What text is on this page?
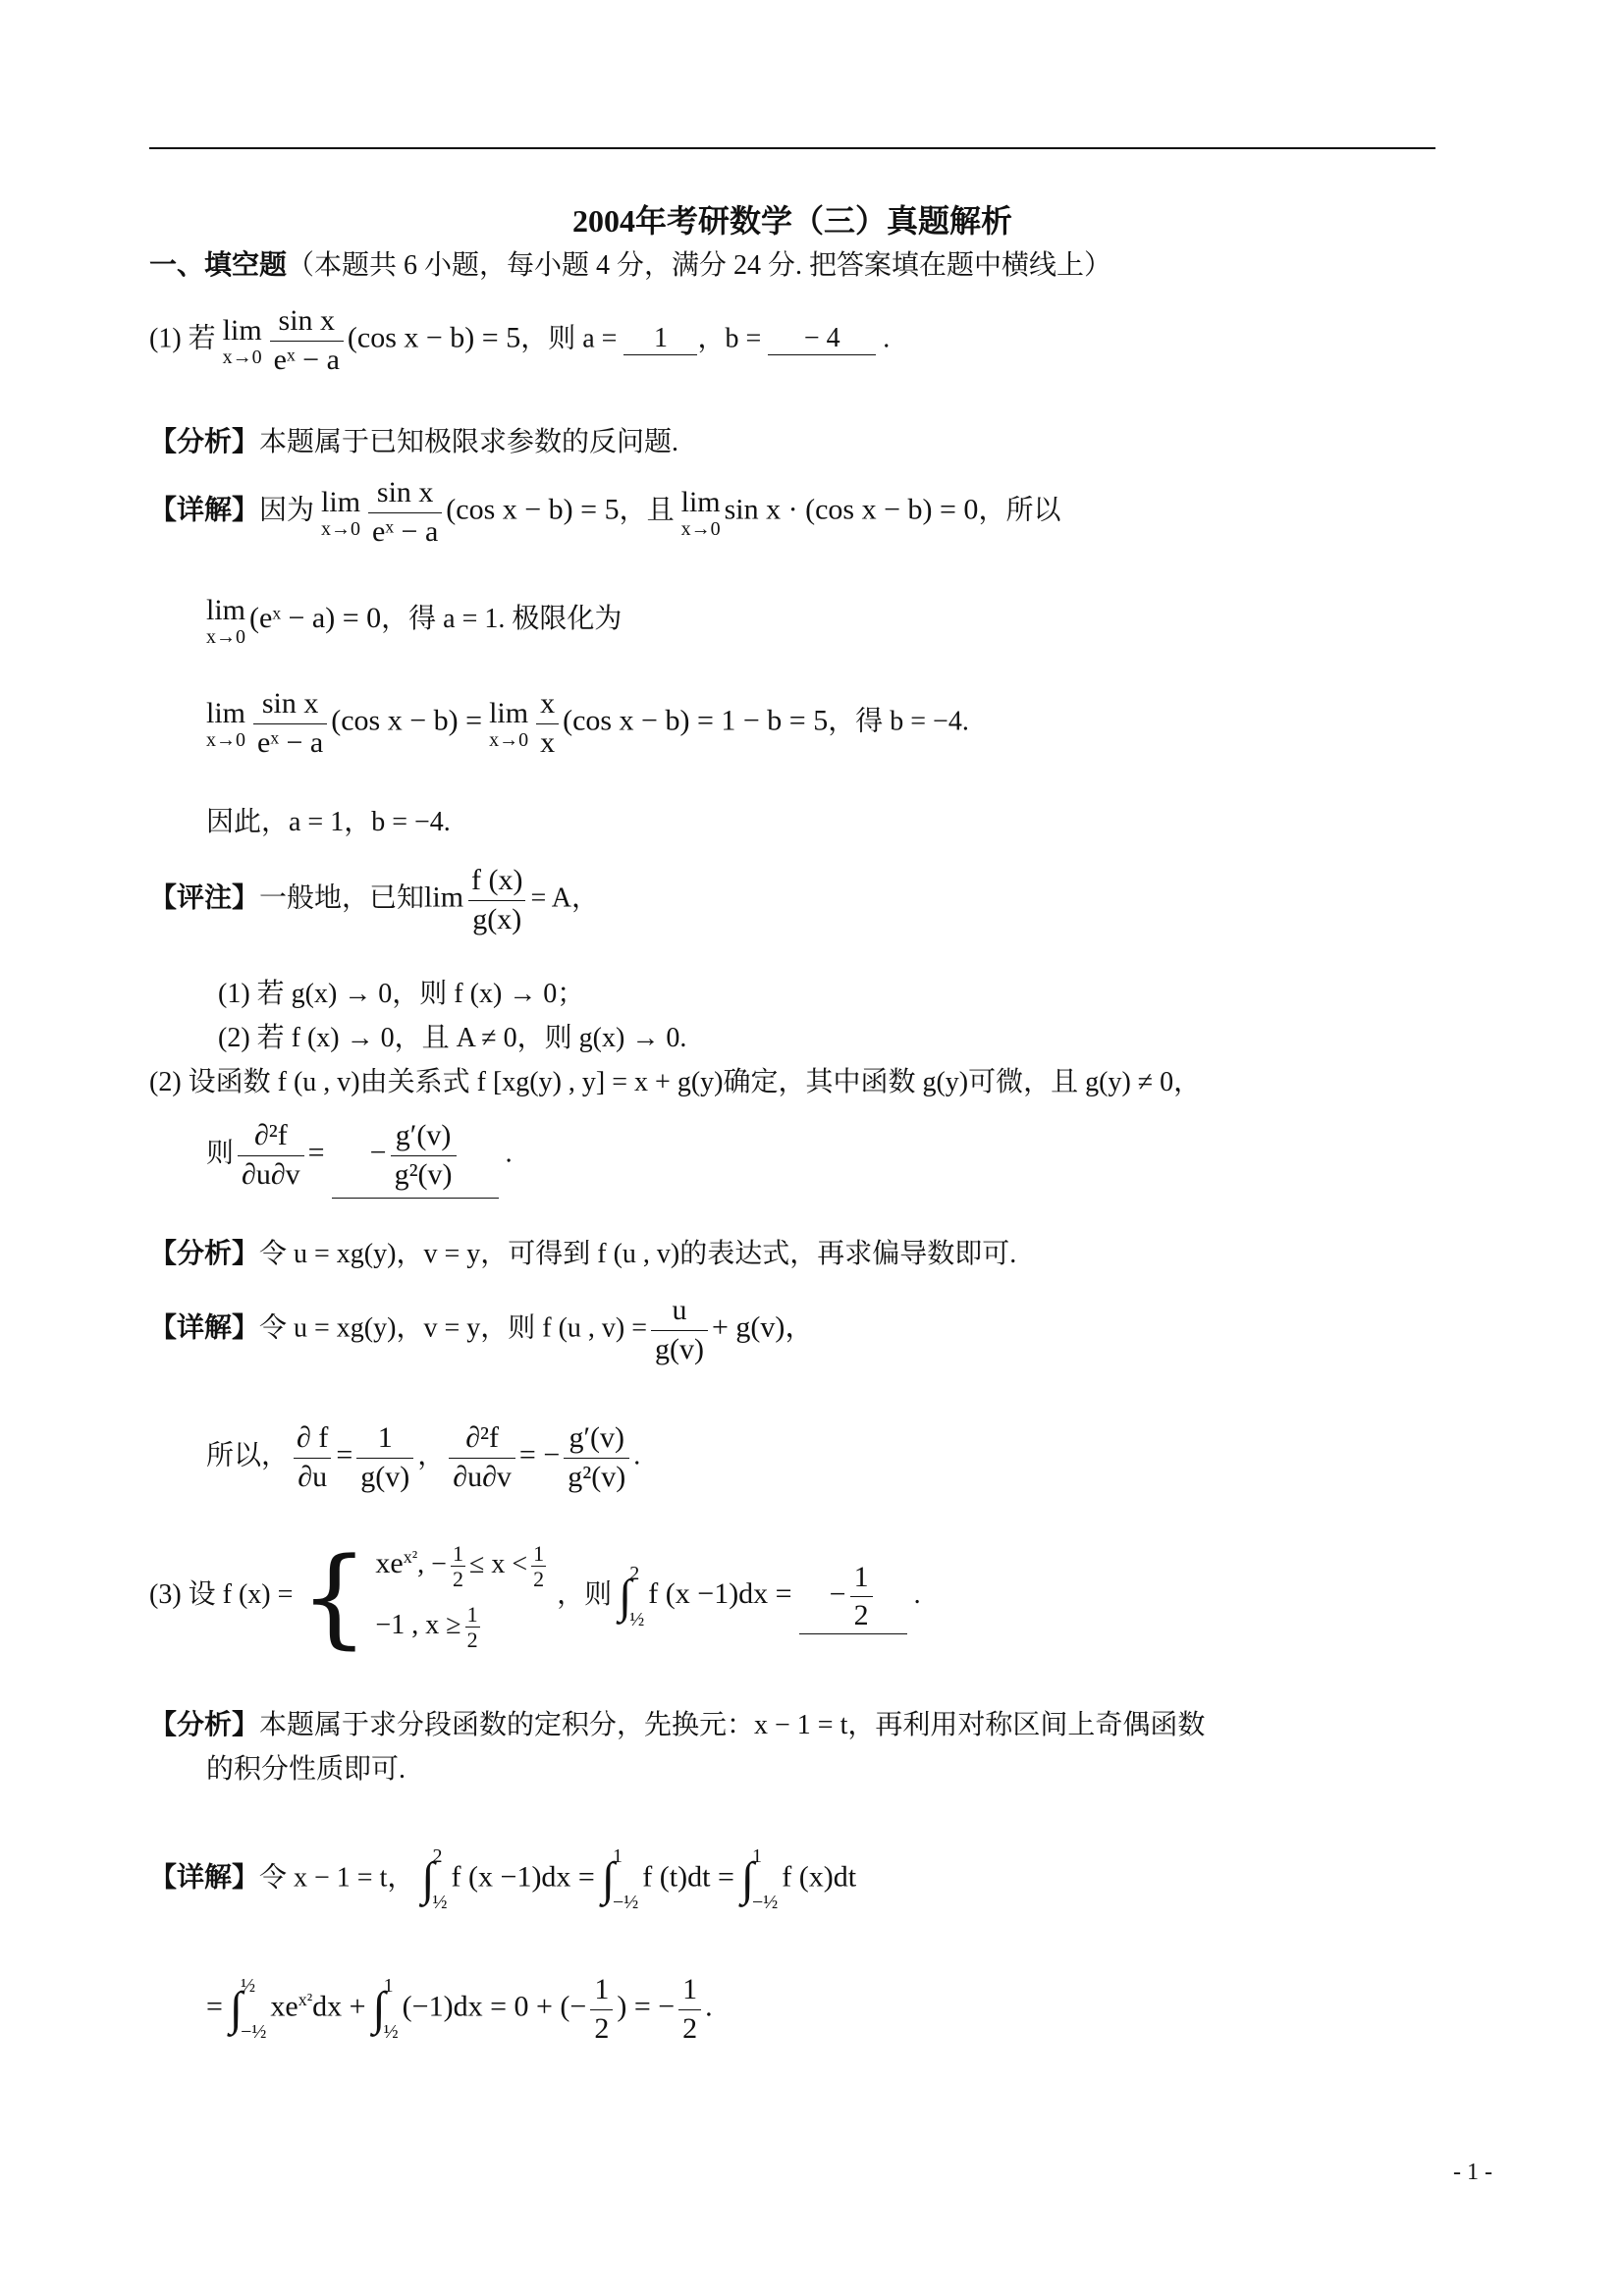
2004年考研数学（三）真题解析
一、填空题（本题共 6 小题，每小题 4 分，满分 24 分. 把答案填在题中横线上）
(1) 若 lim
$x\to 0 \frac{\text{sin x}}{\text{eˣ − a}} (\cos$ x − b) = 5，则 a = 1 ，b = − 4 .
【分析】本题属于已知极限求参数的反问题.
【详解】因为 lim
$x\to 0 \frac{\text{sin x}}{\text{eˣ − a}} (\cos$ x − b) = 5，且 lim
x→0
sin x · (cos x − b) = 0，所以
lim
x→0
(eˣ − a) = 0，得 a = 1. 极限化为
lim
$x\to 0 \frac{\text{sin x}}{\text{eˣ − a}} (\cos$ x − b) = lim
$x\to 0 \frac{x}{x} (\cos$ x − b) = 1 − b = 5，得 b = −4.
因此，a = 1，b = −4.
【评注】一般地，已知$\lim \frac{f (x)}{g(x)} = A$，
(1) 若 g(x) → 0，则 f (x) → 0；
(2) 若 f (x) → 0，且 A ≠ 0，则 g(x) → 0.
(2) 设函数 f (u , v)由关系式 f [xg(y) , y] = x + g(y)确定，其中函数 g(y)可微，且 g(y) ≠ 0，
则 $\frac{\text{∂²f}}{\partial u\partial v}$ = − $\frac{g'(v)}{\text{g²(v)}}$ .
【分析】令 u = xg(y)，v = y，可得到 f (u , v)的表达式，再求偏导数即可.
【详解】令 u = xg(y)，v = y，则 f (u , $v) = \frac{u}{g(v)} + g(v)$，
所以， $\frac{\partial f}{\partial u} = \frac{1}{g(v)}$ ， $\frac{\text{∂²f}}{\partial u\partial v}$ = − $\frac{g'(v)}{\text{g²(v)}}$ .
(3) 设 f (x) = { $xe^{x^2}$, − $\frac{1}{2} \le x < \frac{1}{2}$
−1 , $x \ge \frac{1}{2}$
，则 ∫
2
½
f (x −1)dx = − $\frac{1}{2}$ .
【分析】本题属于求分段函数的定积分，先换元：x − 1 = t，再利用对称区间上奇偶函数
的积分性质即可.
【详解】令 x − 1 = t， ∫
2
½
f (x −1)dx = ∫
1
−½
f (t)dt = ∫
1
−½
f (x)dt
= ∫
½
−½
$xe^{x^2}dx$ + ∫
1
½
(−1)dx = 0 + (− $\frac{1}{2}$ ) = − $\frac{1}{2}$ .
- 1 -
